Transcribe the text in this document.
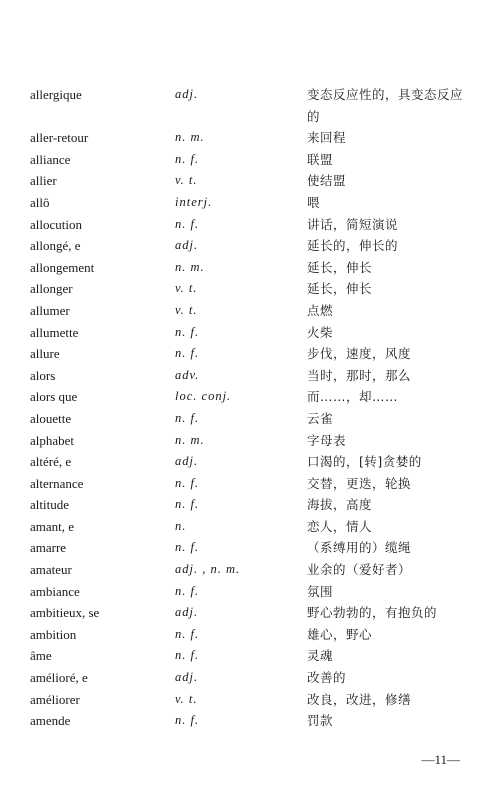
allergique	adj.	变态反应性的，具变态反应的
aller-retour	n. m.	来回程
alliance	n. f.	联盟
allier	v. t.	使结盟
allô	interj.	喂
allocution	n. f.	讲话，简短演说
allongé, e	adj.	延长的，伸长的
allongement	n. m.	延长，伸长
allonger	v. t.	延长，伸长
allumer	v. t.	点燃
allumette	n. f.	火柴
allure	n. f.	步伐，速度，风度
alors	adv.	当时，那时，那么
alors que	loc. conj.	而……，却……
alouette	n. f.	云雀
alphabet	n. m.	字母表
altéré, e	adj.	口渴的，[转]贪婪的
alternance	n. f.	交替，更迭，轮换
altitude	n. f.	海拔，高度
amant, e	n.	恋人，情人
amarre	n. f.	（系缚用的）缆绳
amateur	adj. , n. m.	业余的（爱好者）
ambiance	n. f.	氛围
ambitieux, se	adj.	野心勃勃的，有抱负的
ambition	n. f.	雄心，野心
âme	n. f.	灵魂
amélioré, e	adj.	改善的
améliorer	v. t.	改良，改进，修缮
amende	n. f.	罚款
—11—
